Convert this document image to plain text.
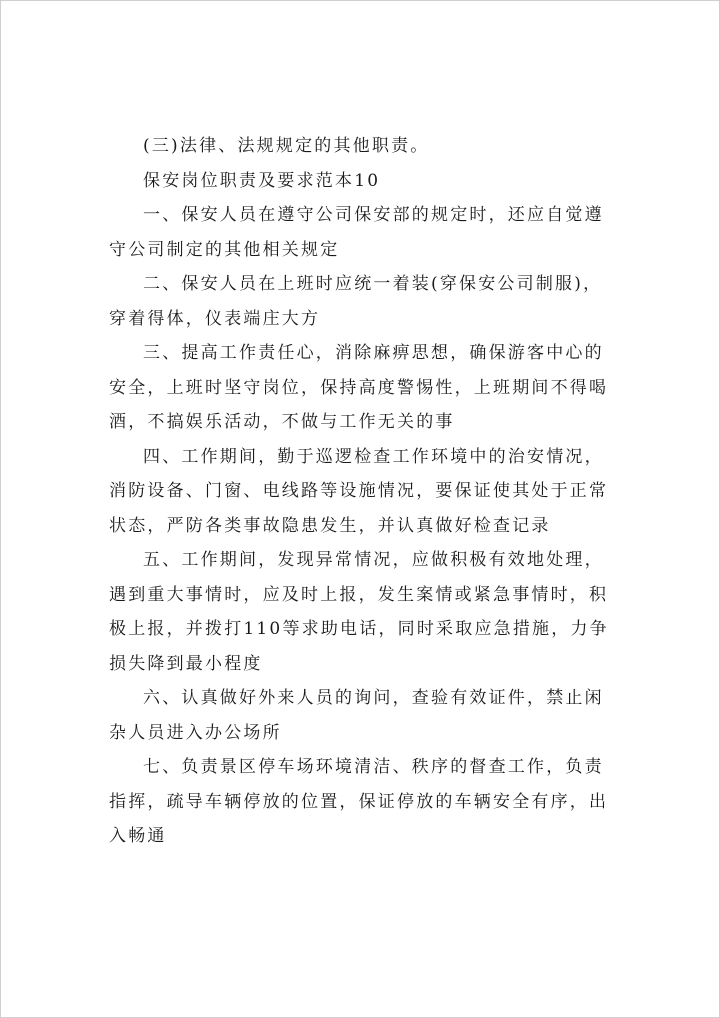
(三)法律、法规规定的其他职责。

保安岗位职责及要求范本10

一、保安人员在遵守公司保安部的规定时，还应自觉遵守公司制定的其他相关规定

二、保安人员在上班时应统一着装(穿保安公司制服)，穿着得体，仪表端庄大方

三、提高工作责任心，消除麻痹思想，确保游客中心的安全，上班时坚守岗位，保持高度警惕性，上班期间不得喝酒，不搞娱乐活动，不做与工作无关的事

四、工作期间，勤于巡逻检查工作环境中的治安情况，消防设备、门窗、电线路等设施情况，要保证使其处于正常状态，严防各类事故隐患发生，并认真做好检查记录

五、工作期间，发现异常情况，应做积极有效地处理，遇到重大事情时，应及时上报，发生案情或紧急事情时，积极上报，并拨打110等求助电话，同时采取应急措施，力争损失降到最小程度

六、认真做好外来人员的询问，查验有效证件，禁止闲杂人员进入办公场所

七、负责景区停车场环境清洁、秩序的督查工作，负责指挥，疏导车辆停放的位置，保证停放的车辆安全有序，出入畅通
